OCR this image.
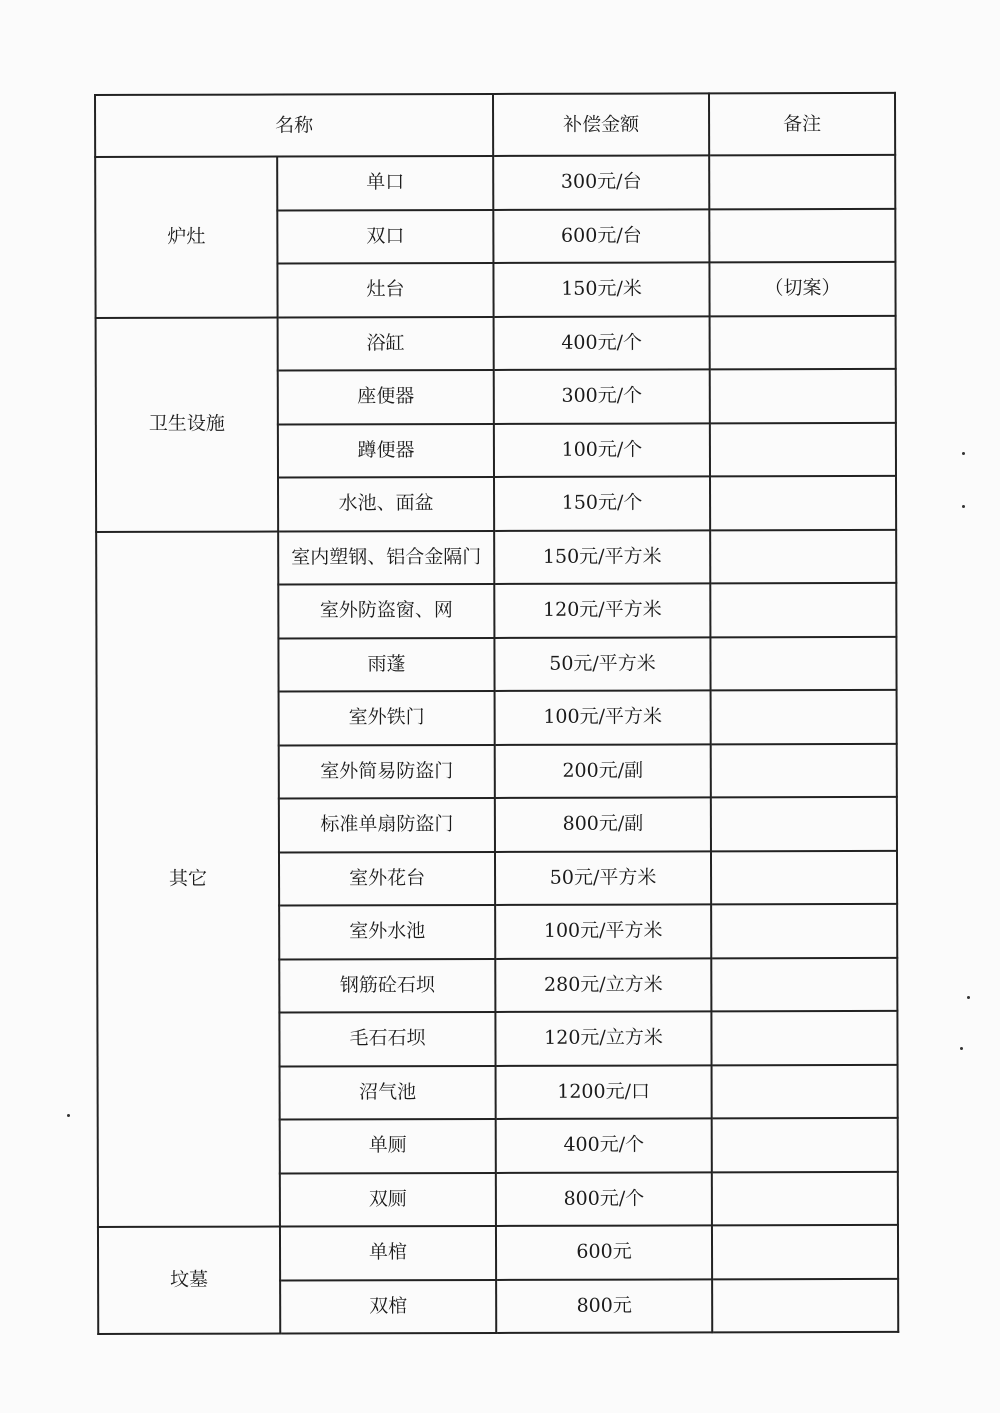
名称		补偿金额	备注
炉灶	单口	300元/台	
	双口	600元/台	
	灶台	150元/米	（切案）
卫生设施	浴缸	400元/个	
	座便器	300元/个	
	蹲便器	100元/个	
	水池、面盆	150元/个	
其它	室内塑钢、铝合金隔门	150元/平方米	
	室外防盗窗、网	120元/平方米	
	雨蓬	50元/平方米	
	室外铁门	100元/平方米	
	室外简易防盗门	200元/副	
	标准单扇防盗门	800元/副	
	室外花台	50元/平方米	
	室外水池	100元/平方米	
	钢筋砼石坝	280元/立方米	
	毛石石坝	120元/立方米	
	沼气池	1200元/口	
	单厕	400元/个	
	双厕	800元/个	
坟墓	单棺	600元	
	双棺	800元	
